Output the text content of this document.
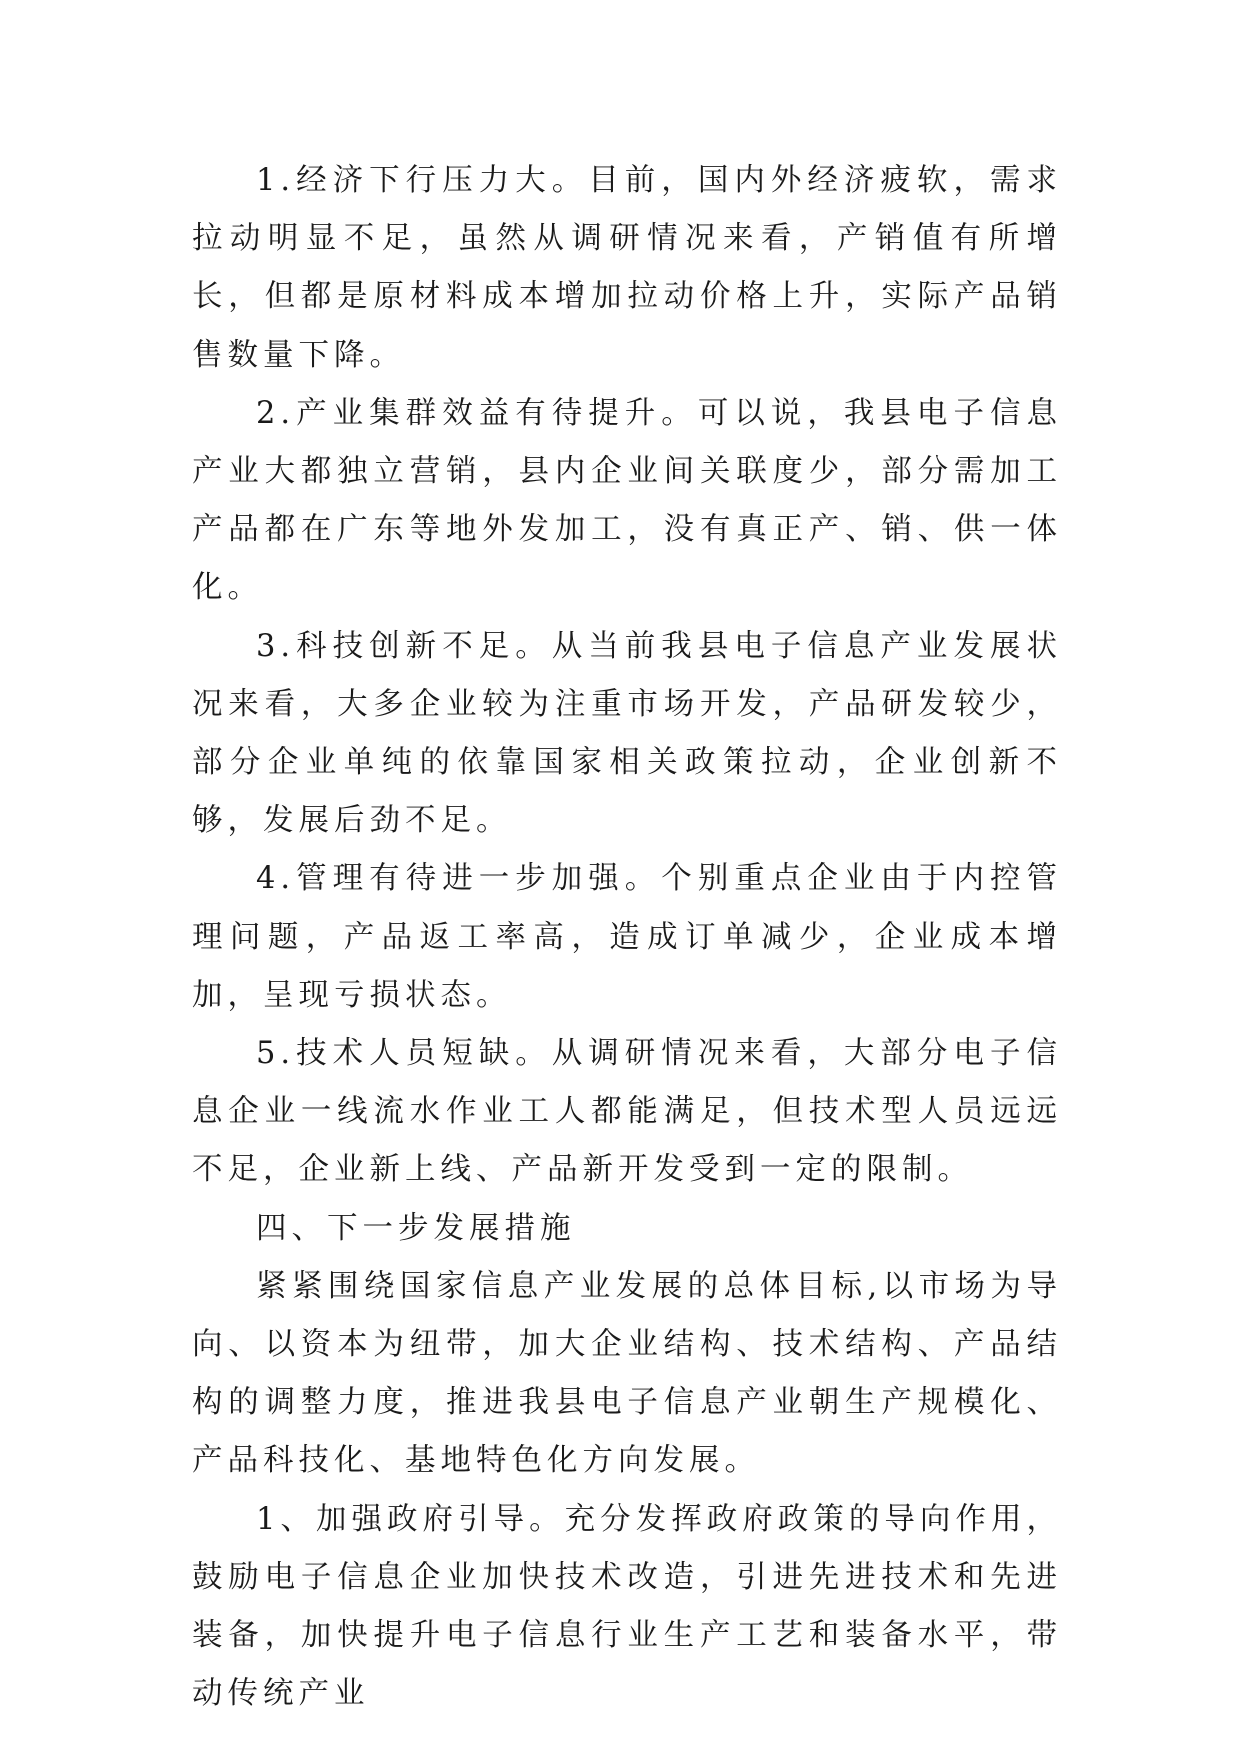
1.经济下行压力大。目前，国内外经济疲软，需求拉动明显不足，虽然从调研情况来看，产销值有所增长，但都是原材料成本增加拉动价格上升，实际产品销售数量下降。

2.产业集群效益有待提升。可以说，我县电子信息产业大都独立营销，县内企业间关联度少，部分需加工产品都在广东等地外发加工，没有真正产、销、供一体化。

3.科技创新不足。从当前我县电子信息产业发展状况来看，大多企业较为注重市场开发，产品研发较少，部分企业单纯的依靠国家相关政策拉动，企业创新不够，发展后劲不足。

4.管理有待进一步加强。个别重点企业由于内控管理问题，产品返工率高，造成订单减少，企业成本增加，呈现亏损状态。

5.技术人员短缺。从调研情况来看，大部分电子信息企业一线流水作业工人都能满足，但技术型人员远远不足，企业新上线、产品新开发受到一定的限制。

四、下一步发展措施

紧紧围绕国家信息产业发展的总体目标,以市场为导向、以资本为纽带，加大企业结构、技术结构、产品结构的调整力度，推进我县电子信息产业朝生产规模化、产品科技化、基地特色化方向发展。

1、加强政府引导。充分发挥政府政策的导向作用，鼓励电子信息企业加快技术改造，引进先进技术和先进装备，加快提升电子信息行业生产工艺和装备水平，带动传统产业
